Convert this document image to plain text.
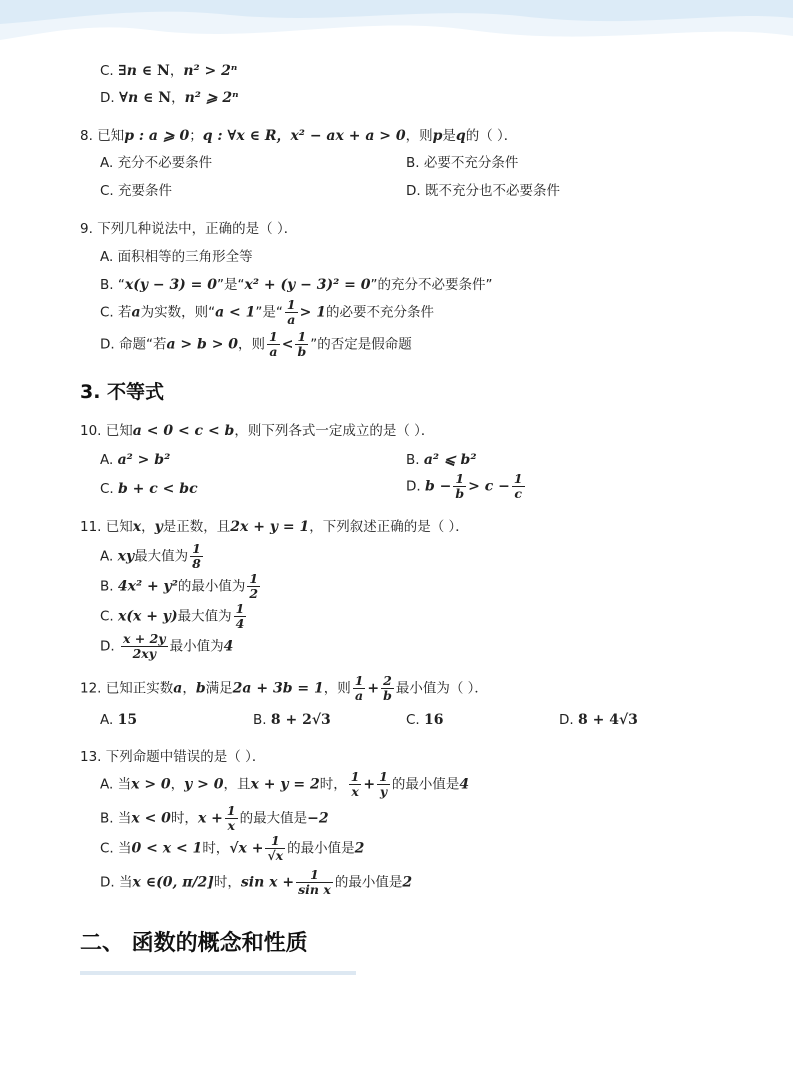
C. ∃n ∈ N，n² > 2ⁿ
D. ∀n ∈ N，n² ⩾ 2ⁿ
8. 已知p : a ⩾ 0；q : ∀x ∈ R，x² − ax + a > 0，则p是q的（ ）．
A. 充分不必要条件	B. 必要不充分条件
C. 充要条件	D. 既不充分也不必要条件
9. 下列几种说法中，正确的是（ ）．
A. 面积相等的三角形全等
B. “x(y − 3) = 0”是“x² + (y − 3)² = 0”的充分不必要条件”
C. 若a为实数，则“a < 1”是“ $\frac{1}{a} > 1$的必要不充分条件
D. 命题“若a > b > 0，则 $\frac{1}{a} < \frac{1}{b}$ ”的否定是假命题
3. 不等式
10. 已知a < 0 < c < b，则下列各式一定成立的是（ ）．
A. a² > b²	B. a² ⩽ b²
C. b + c < bc	D. $b - \frac{1}{b} > c - \frac{1}{c}$
11. 已知x，y是正数，且2x + y = 1，下列叙述正确的是（ ）．
A. xy最大值为 $\frac{1}{8}$
B. 4x² + y²的最小值为 $\frac{1}{2}$
C. x(x + y)最大值为 $\frac{1}{4}$
D. $\frac{x + 2y}{2xy}$ 最小值为4
12. 已知正实数a，b满足2a + 3b = 1，则 $\frac{1}{a} + \frac{2}{b}$ 最小值为（ ）．
A. 15	B. 8 + 2√3	C. 16	D. 8 + 4√3
13. 下列命题中错误的是（ ）．
A. 当x > 0，y > 0，且x + y = 2时， $\frac{1}{x} + \frac{1}{y}$ 的最小值是4
B. 当x < 0时，$x + \frac{1}{x}$ 的最大值是−2
C. 当0 < x < 1时，$√x + \frac{1}{√x}$ 的最小值是2
D. 当x ∈(0, π/2]时，$\sin x + \frac{1}{\text{sin x}}$ 的最小值是2
二、 函数的概念和性质
